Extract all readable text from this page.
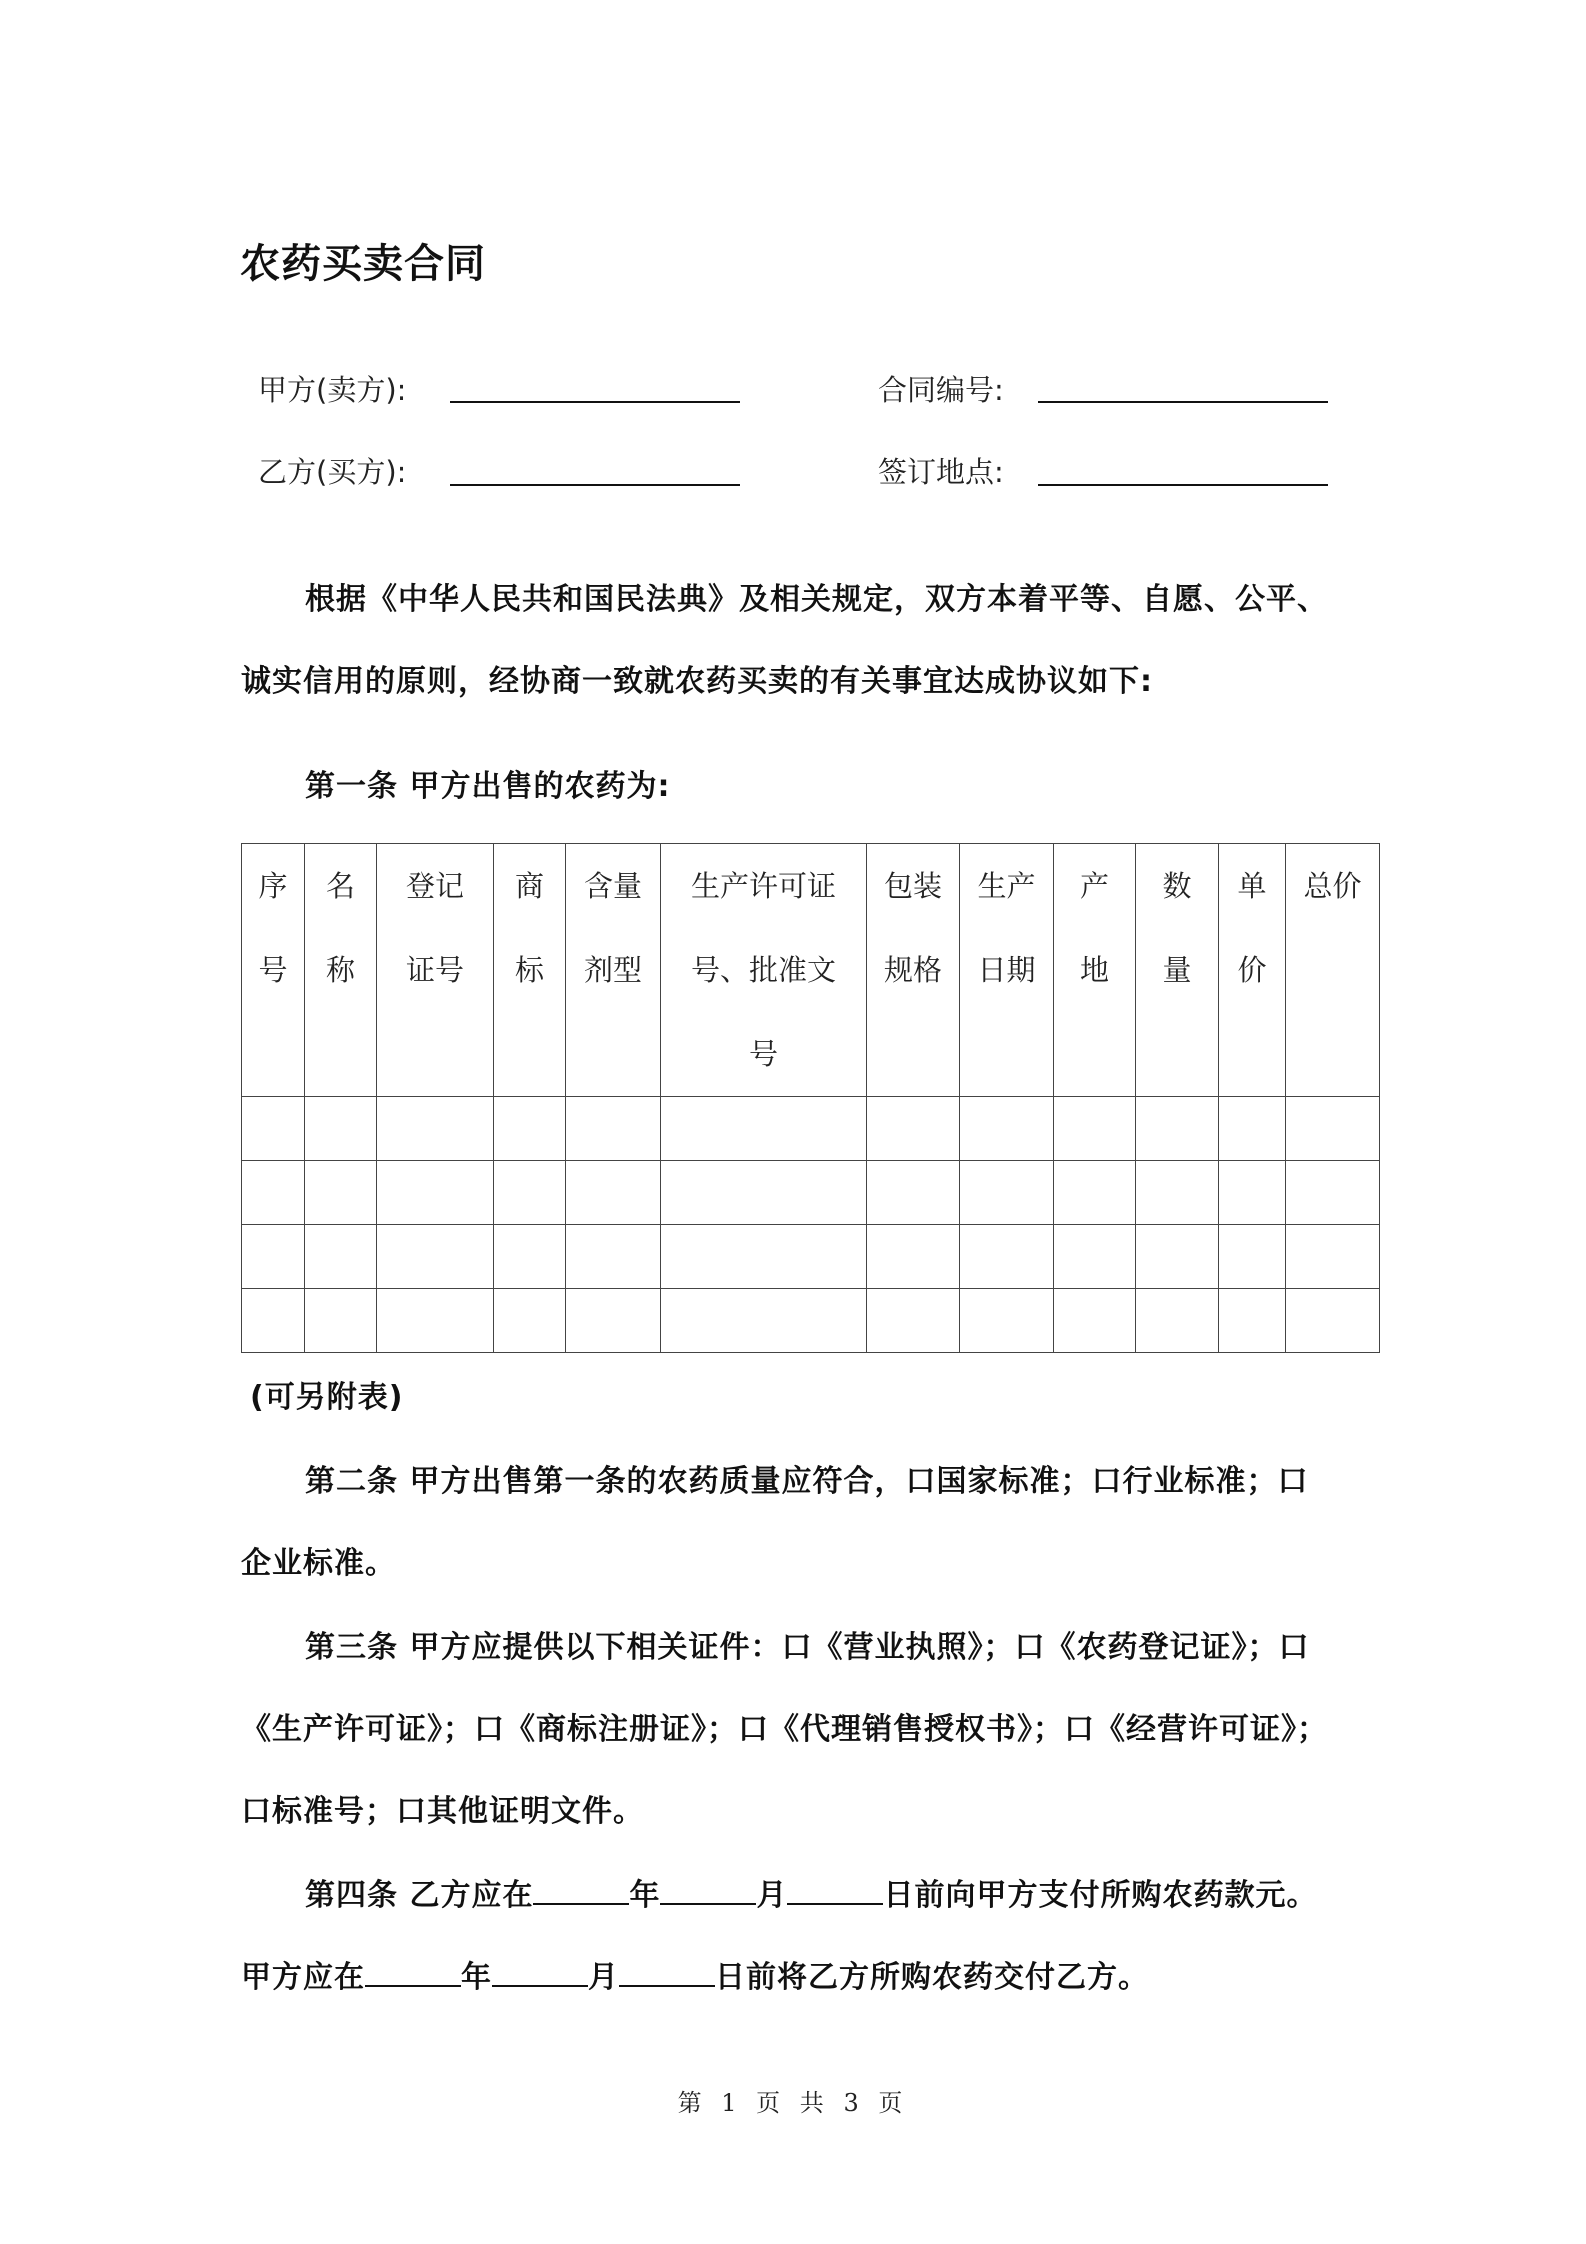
农药买卖合同
甲方(卖方):	合同编号:
乙方(买方):	签订地点:
根据《中华人民共和国民法典》及相关规定，双方本着平等、自愿、公平、
诚实信用的原则，经协商一致就农药买卖的有关事宜达成协议如下:
第一条 甲方出售的农药为:
序号	名称	登记证号	商标	含量剂型	生产许可证号、批准文号	包装规格	生产日期	产地	数量	单价	总价

(可另附表)
第二条 甲方出售第一条的农药质量应符合，口国家标准；口行业标准；口
企业标准。
第三条 甲方应提供以下相关证件：口《营业执照》；口《农药登记证》；口
《生产许可证》；口《商标注册证》；口《代理销售授权书》；口《经营许可证》；
口标准号；口其他证明文件。
第四条 乙方应在	年	月	日前向甲方支付所购农药款元。
甲方应在	年	月	日前将乙方所购农药交付乙方。
第 1 页 共 3 页
